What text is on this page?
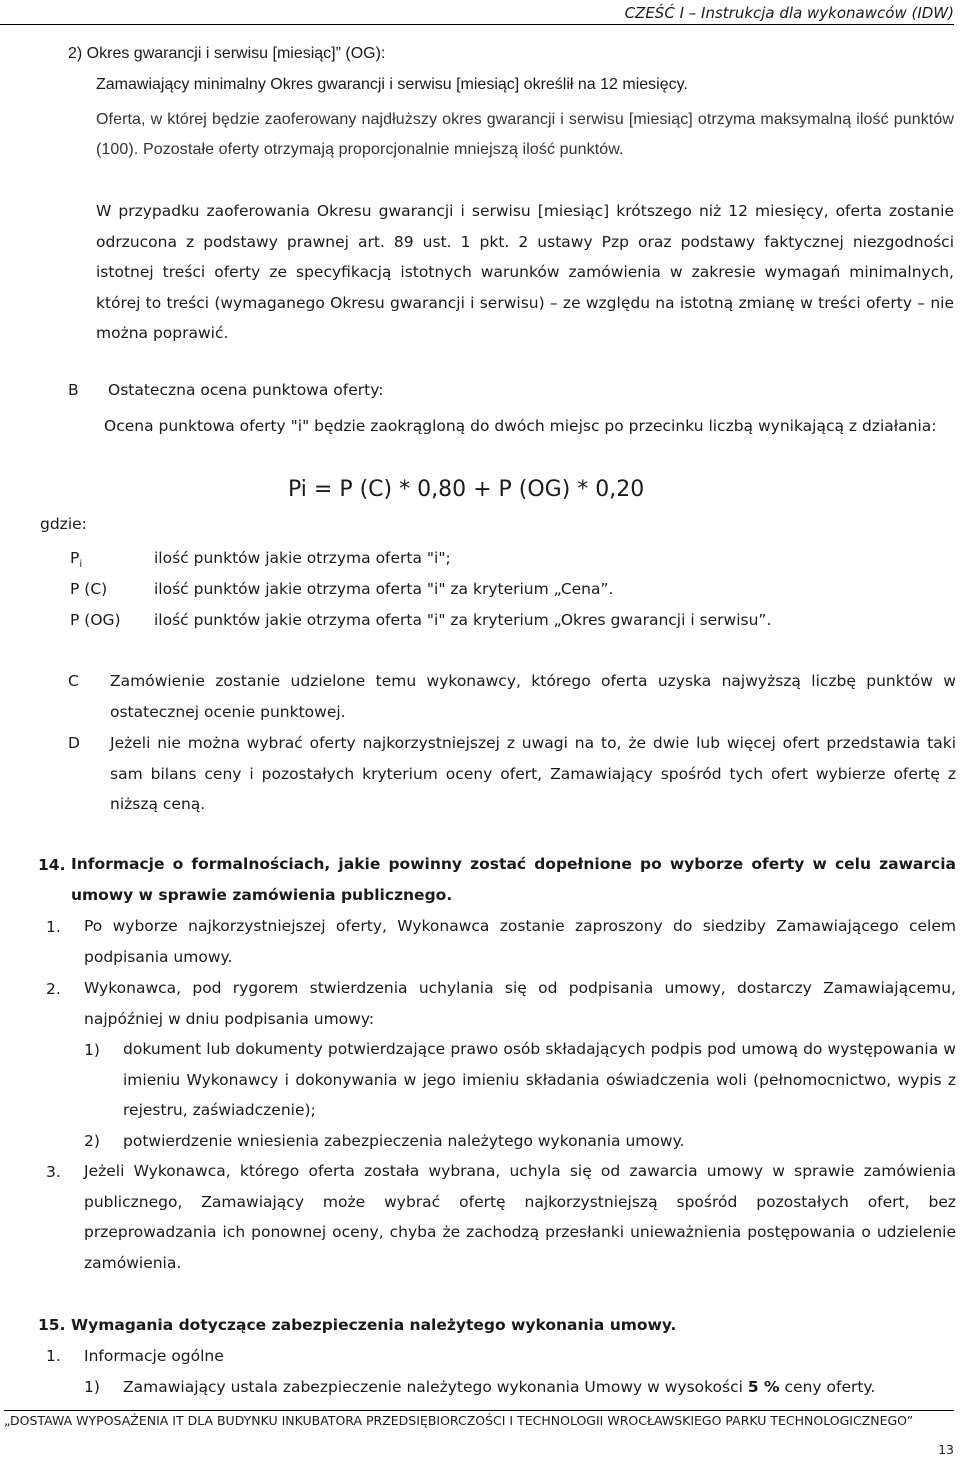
CZEŚĆ I – Instrukcja dla wykonawców (IDW)
2) Okres gwarancji i serwisu [miesiąc]” (OG):
Zamawiający minimalny Okres gwarancji i serwisu [miesiąc] określił na 12 miesięcy.
Oferta, w której będzie zaoferowany najdłuższy okres gwarancji i serwisu [miesiąc] otrzyma maksymalną ilość punktów (100). Pozostałe oferty otrzymają proporcjonalnie mniejszą ilość punktów.
W przypadku zaoferowania Okresu gwarancji i serwisu [miesiąc] krótszego niż 12 miesięcy, oferta zostanie odrzucona z podstawy prawnej art. 89 ust. 1 pkt. 2 ustawy Pzp oraz podstawy faktycznej niezgodności istotnej treści oferty ze specyfikacją istotnych warunków zamówienia w zakresie wymagań minimalnych, której to treści (wymaganego Okresu gwarancji i serwisu) – ze względu na istotną zmianę w treści oferty – nie można poprawić.
B Ostateczna ocena punktowa oferty:
Ocena punktowa oferty "i" będzie zaokrągloną do dwóch miejsc po przecinku liczbą wynikającą z działania:
Pi = P (C) * 0,80 + P (OG) * 0,20
gdzie:
$P_i$	ilość punktów jakie otrzyma oferta "i";
P (C)	ilość punktów jakie otrzyma oferta "i" za kryterium „Cena”.
P (OG) ilość punktów jakie otrzyma oferta "i" za kryterium „Okres gwarancji i serwisu”.
C Zamówienie zostanie udzielone temu wykonawcy, którego oferta uzyska najwyższą liczbę punktów w ostatecznej ocenie punktowej.
D Jeżeli nie można wybrać oferty najkorzystniejszej z uwagi na to, że dwie lub więcej ofert przedstawia taki sam bilans ceny i pozostałych kryterium oceny ofert, Zamawiający spośród tych ofert wybierze ofertę z niższą ceną.
14. Informacje o formalnościach, jakie powinny zostać dopełnione po wyborze oferty w celu zawarcia umowy w sprawie zamówienia publicznego.
1. Po wyborze najkorzystniejszej oferty, Wykonawca zostanie zaproszony do siedziby Zamawiającego celem podpisania umowy.
2. Wykonawca, pod rygorem stwierdzenia uchylania się od podpisania umowy, dostarczy Zamawiającemu, najpóźniej w dniu podpisania umowy:
1) dokument lub dokumenty potwierdzające prawo osób składających podpis pod umową do występowania w imieniu Wykonawcy i dokonywania w jego imieniu składania oświadczenia woli (pełnomocnictwo, wypis z rejestru, zaświadczenie);
2) potwierdzenie wniesienia zabezpieczenia należytego wykonania umowy.
3. Jeżeli Wykonawca, którego oferta została wybrana, uchyla się od zawarcia umowy w sprawie zamówienia publicznego, Zamawiający może wybrać ofertę najkorzystniejszą spośród pozostałych ofert, bez przeprowadzania ich ponownej oceny, chyba że zachodzą przesłanki unieważnienia postępowania o udzielenie zamówienia.
15. Wymagania dotyczące zabezpieczenia należytego wykonania umowy.
1. Informacje ogólne
1) Zamawiający ustala zabezpieczenie należytego wykonania Umowy w wysokości 5 % ceny oferty.
„DOSTAWA WYPOSAŻENIA IT DLA BUDYNKU INKUBATORA PRZEDSIĘBIORCZOŚCI I TECHNOLOGII WROCŁAWSKIEGO PARKU TECHNOLOGICZNEGO”
13
